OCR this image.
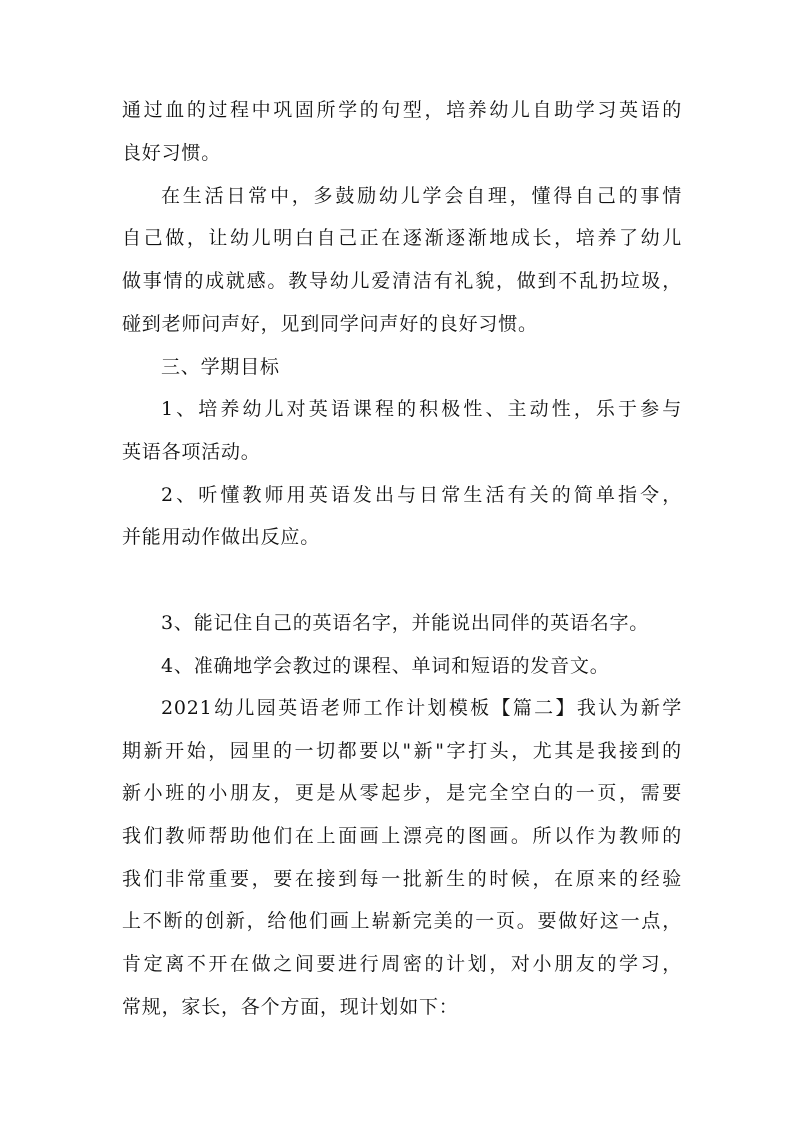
通过血的过程中巩固所学的句型，培养幼儿自助学习英语的
良好习惯。
在生活日常中，多鼓励幼儿学会自理，懂得自己的事情
自己做，让幼儿明白自己正在逐渐逐渐地成长，培养了幼儿
做事情的成就感。教导幼儿爱清洁有礼貌，做到不乱扔垃圾，
碰到老师问声好，见到同学问声好的良好习惯。
三、学期目标
1、培养幼儿对英语课程的积极性、主动性，乐于参与
英语各项活动。
2、听懂教师用英语发出与日常生活有关的简单指令，
并能用动作做出反应。
3、能记住自己的英语名字，并能说出同伴的英语名字。
4、准确地学会教过的课程、单词和短语的发音文。
2021幼儿园英语老师工作计划模板【篇二】我认为新学
期新开始，园里的一切都要以"新"字打头，尤其是我接到的
新小班的小朋友，更是从零起步，是完全空白的一页，需要
我们教师帮助他们在上面画上漂亮的图画。所以作为教师的
我们非常重要，要在接到每一批新生的时候，在原来的经验
上不断的创新，给他们画上崭新完美的一页。要做好这一点，
肯定离不开在做之间要进行周密的计划，对小朋友的学习，
常规，家长，各个方面，现计划如下：
